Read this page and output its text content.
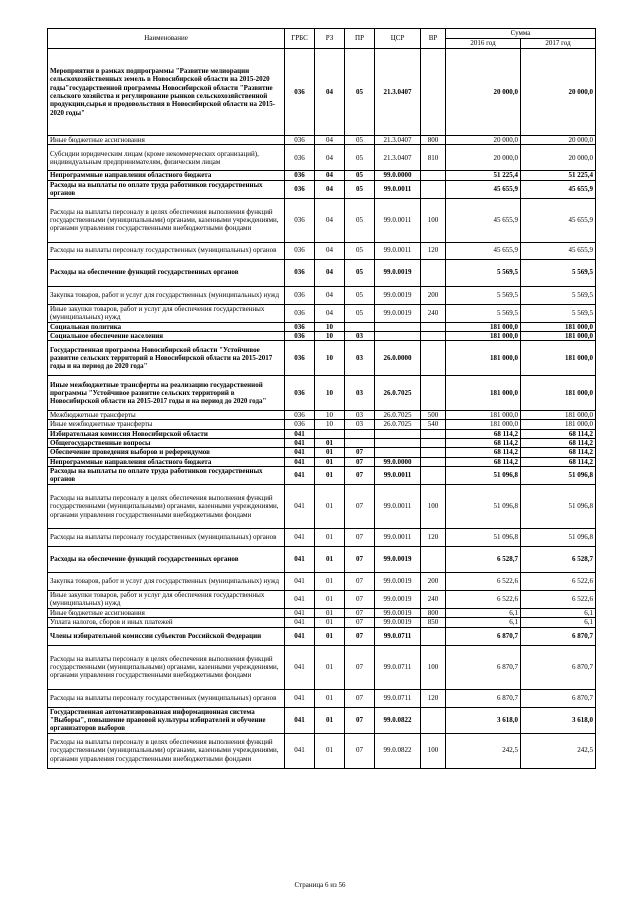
Наименование	ГРБС	РЗ	ПР	ЦСР	ВР	Сумма	
						2016 год	2017 год
Мероприятия в рамках подпрограммы "Развитие мелиорации сельскохозяйственных земель в Новосибирской области на 2015-2020 годы"государственной программы Новосибирской области "Развитие сельского хозяйства и регулирование рынков сельскохозяйственной продукции,сырья и продовольствия в Новосибирской области на 2015-2020 годы"	036	04	05	21.3.0407		20 000,0	20 000,0
Иные бюджетные ассигнования	036	04	05	21.3.0407	800	20 000,0	20 000,0
Субсидии юридическим лицам (кроме некоммерческих организаций), индивидуальным предпринимателям, физическим лицам	036	04	05	21.3.0407	810	20 000,0	20 000,0
Непрограммные направления областного бюджета	036	04	05	99.0.0000		51 225,4	51 225,4
Расходы на выплаты по оплате труда работников государственных органов	036	04	05	99.0.0011		45 655,9	45 655,9
Расходы на выплаты персоналу в целях обеспечения выполнения функций государственными (муниципальными) органами, казенными учреждениями, органами управления государственными внебюджетными фондами	036	04	05	99.0.0011	100	45 655,9	45 655,9
Расходы на выплаты персоналу государственных (муниципальных) органов	036	04	05	99.0.0011	120	45 655,9	45 655,9
Расходы на обеспечение функций государственных органов	036	04	05	99.0.0019		5 569,5	5 569,5
Закупка товаров, работ и услуг для государственных (муниципальных) нужд	036	04	05	99.0.0019	200	5 569,5	5 569,5
Иные закупки товаров, работ и услуг для обеспечения государственных (муниципальных) нужд	036	04	05	99.0.0019	240	5 569,5	5 569,5
Социальная политика	036	10				181 000,0	181 000,0
Социальное обеспечение населения	036	10	03			181 000,0	181 000,0
Государственная программа Новосибирской области "Устойчивое развитие сельских территорий в Новосибирской области на 2015-2017 годы и на период до 2020 года"	036	10	03	26.0.0000		181 000,0	181 000,0
Иные межбюджетные трансферты на реализацию государственной программы "Устойчивое развитие сельских территорий в Новосибирской области на 2015-2017 годы и на период до 2020 года"	036	10	03	26.0.7025		181 000,0	181 000,0
Межбюджетные трансферты	036	10	03	26.0.7025	500	181 000,0	181 000,0
Иные межбюджетные трансферты	036	10	03	26.0.7025	540	181 000,0	181 000,0
Избирательная комиссия Новосибирской области	041					68 114,2	68 114,2
Общегосударственные вопросы	041	01				68 114,2	68 114,2
Обеспечение проведения выборов и референдумов	041	01	07			68 114,2	68 114,2
Непрограммные направления областного бюджета	041	01	07	99.0.0000		68 114,2	68 114,2
Расходы на выплаты по оплате труда работников государственных органов	041	01	07	99.0.0011		51 096,8	51 096,8
Расходы на выплаты персоналу в целях обеспечения выполнения функций государственными (муниципальными) органами, казенными учреждениями, органами управления государственными внебюджетными фондами	041	01	07	99.0.0011	100	51 096,8	51 096,8
Расходы на выплаты персоналу государственных (муниципальных) органов	041	01	07	99.0.0011	120	51 096,8	51 096,8
Расходы на обеспечение функций государственных органов	041	01	07	99.0.0019		6 528,7	6 528,7
Закупка товаров, работ и услуг для государственных (муниципальных) нужд	041	01	07	99.0.0019	200	6 522,6	6 522,6
Иные закупки товаров, работ и услуг для обеспечения государственных (муниципальных) нужд	041	01	07	99.0.0019	240	6 522,6	6 522,6
Иные бюджетные ассигнования	041	01	07	99.0.0019	800	6,1	6,1
Уплата налогов, сборов и иных платежей	041	01	07	99.0.0019	850	6,1	6,1
Члены избирательной комиссии субъектов Российской Федерации	041	01	07	99.0.0711		6 870,7	6 870,7
Расходы на выплаты персоналу в целях обеспечения выполнения функций государственными (муниципальными) органами, казенными учреждениями, органами управления государственными внебюджетными фондами	041	01	07	99.0.0711	100	6 870,7	6 870,7
Расходы на выплаты персоналу государственных (муниципальных) органов	041	01	07	99.0.0711	120	6 870,7	6 870,7
Государственная автоматизированная информационная система "Выборы", повышение правовой культуры избирателей и обучение организаторов выборов	041	01	07	99.0.0822		3 618,0	3 618,0
Расходы на выплаты персоналу в целях обеспечения выполнения функций государственными (муниципальными) органами, казенными учреждениями, органами управления государственными внебюджетными фондами	041	01	07	99.0.0822	100	242,5	242,5
Страница 6 из 56
